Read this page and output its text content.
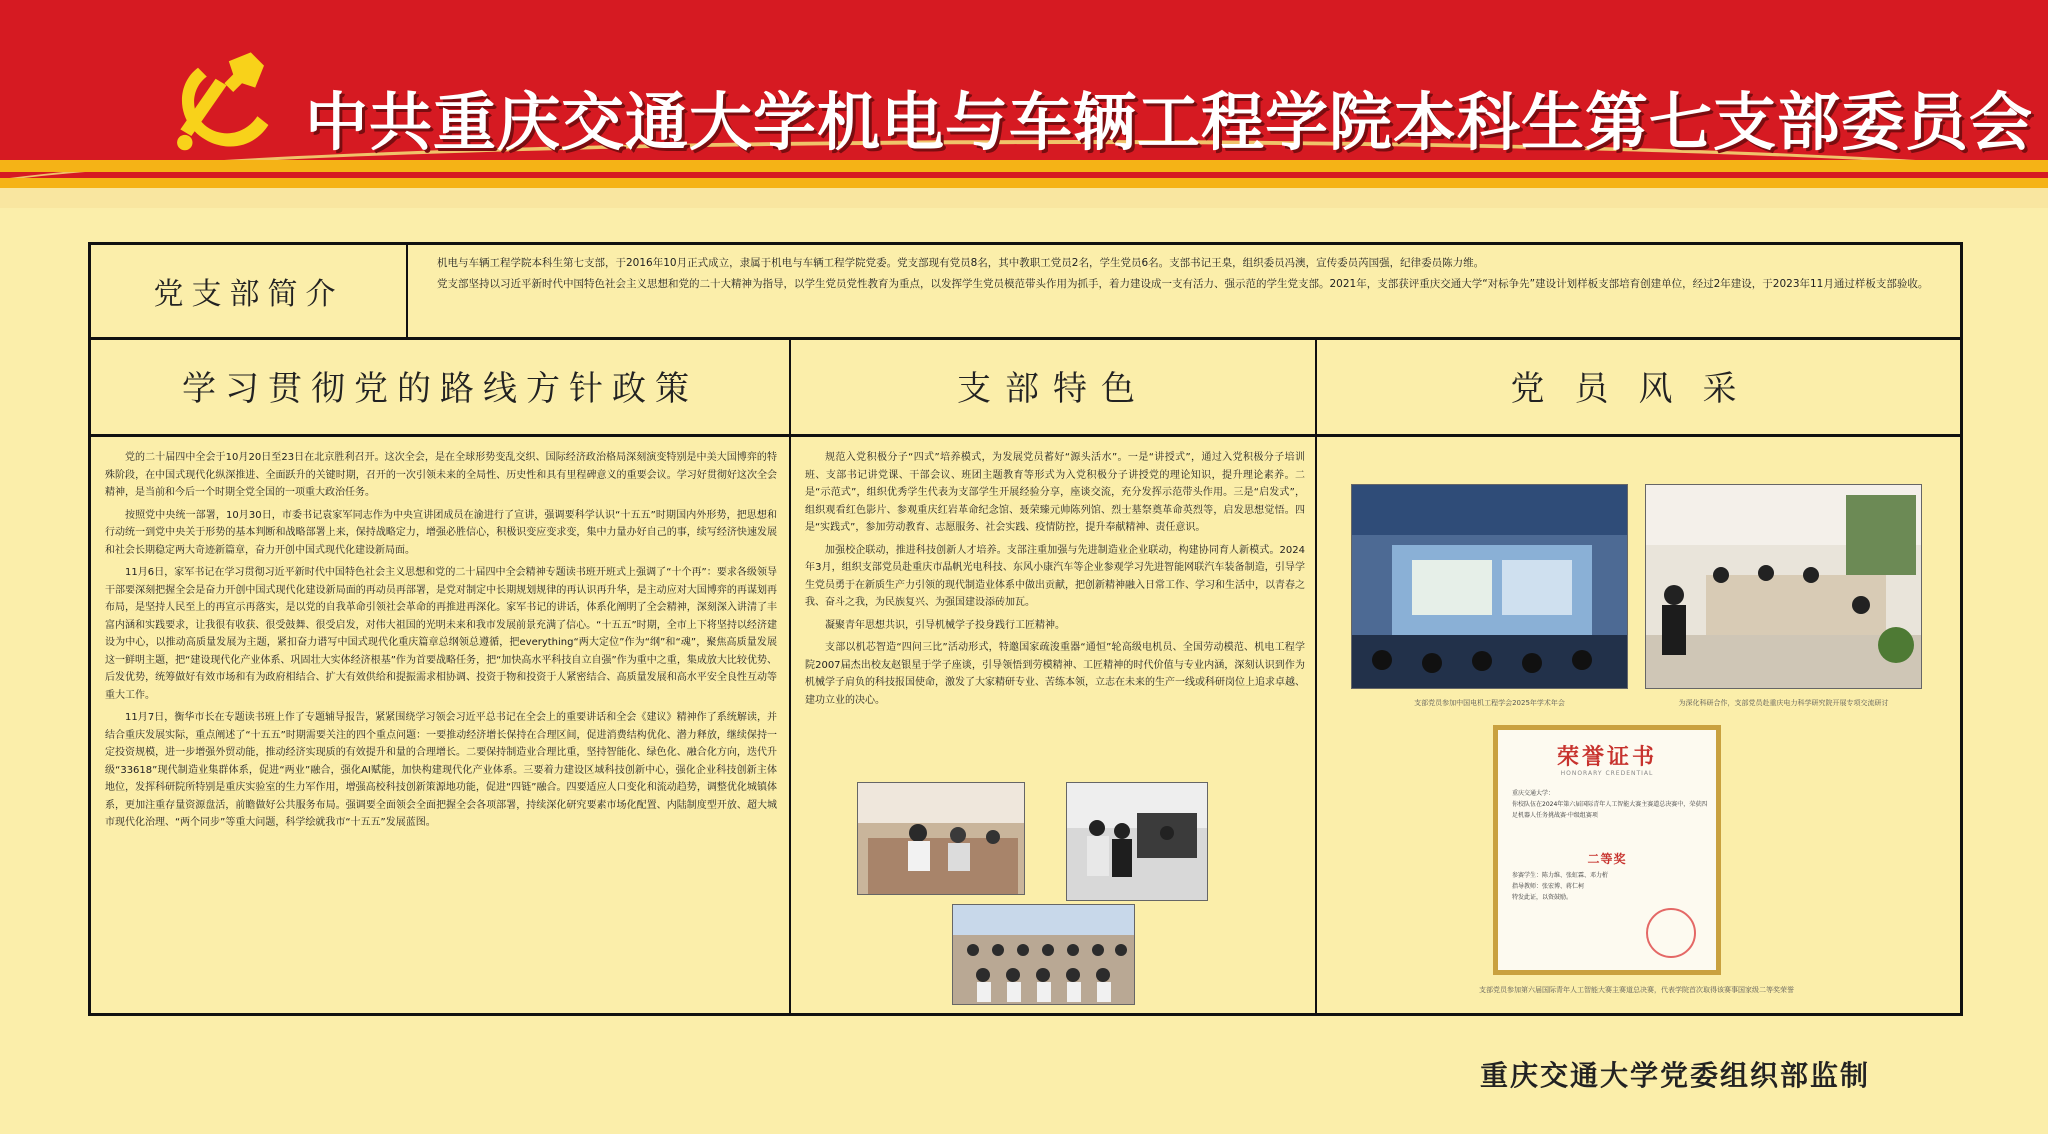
中共重庆交通大学机电与车辆工程学院本科生第七支部委员会
党支部简介

机电与车辆工程学院本科生第七支部，于2016年10月正式成立，隶属于机电与车辆工程学院党委。党支部现有党员8名，其中教职工党员2名，学生党员6名。支部书记王臬，组织委员冯澳，宣传委员芮国强，纪律委员陈力维。

党支部坚持以习近平新时代中国特色社会主义思想和党的二十大精神为指导，以学生党员党性教育为重点，以发挥学生党员模范带头作用为抓手，着力建设成一支有活力、强示范的学生党支部。2021年，支部获评重庆交通大学“对标争先”建设计划样板支部培育创建单位，经过2年建设，于2023年11月通过样板支部验收。

学习贯彻党的路线方针政策

党的二十届四中全会于10月20日至23日在北京胜利召开。这次全会，是在全球形势变乱交织、国际经济政治格局深刻演变特别是中美大国博弈的特殊阶段，在中国式现代化纵深推进、全面跃升的关键时期，召开的一次引领未来的全局性、历史性和具有里程碑意义的重要会议。学习好贯彻好这次全会精神，是当前和今后一个时期全党全国的一项重大政治任务。

按照党中央统一部署，10月30日，市委书记袁家军同志作为中央宣讲团成员在渝进行了宣讲，强调要科学认识“十五五”时期国内外形势，把思想和行动统一到党中央关于形势的基本判断和战略部署上来，保持战略定力，增强必胜信心，积极识变应变求变，集中力量办好自己的事，续写经济快速发展和社会长期稳定两大奇迹新篇章，奋力开创中国式现代化建设新局面。

11月6日，家军书记在学习贯彻习近平新时代中国特色社会主义思想和党的二十届四中全会精神专题读书班开班式上强调了“十个再”：要求各级领导干部要深刻把握全会是奋力开创中国式现代化建设新局面的再动员再部署，是党对制定中长期规划规律的再认识再升华，是主动应对大国博弈的再谋划再布局，是坚持人民至上的再宣示再落实，是以党的自我革命引领社会革命的再推进再深化。家军书记的讲话，体系化阐明了全会精神，深刻深入讲清了丰富内涵和实践要求，让我很有收获、很受鼓舞、很受启发，对伟大祖国的光明未来和我市发展前景充满了信心。“十五五”时期，全市上下将坚持以经济建设为中心，以推动高质量发展为主题，紧扣奋力谱写中国式现代化重庆篇章总纲领总遵循，把everything“两大定位”作为“纲”和“魂”，聚焦高质量发展这一鲜明主题，把“建设现代化产业体系、巩固壮大实体经济根基”作为首要战略任务，把“加快高水平科技自立自强”作为重中之重，集成放大比较优势、后发优势，统筹做好有效市场和有为政府相结合、扩大有效供给和提振需求相协调、投资于物和投资于人紧密结合、高质量发展和高水平安全良性互动等重大工作。

11月7日，衡华市长在专题读书班上作了专题辅导报告，紧紧围绕学习领会习近平总书记在全会上的重要讲话和全会《建议》精神作了系统解读，并结合重庆发展实际，重点阐述了“十五五”时期需要关注的四个重点问题：一要推动经济增长保持在合理区间，促进消费结构优化、潜力释放，继续保持一定投资规模，进一步增强外贸动能，推动经济实现质的有效提升和量的合理增长。二要保持制造业合理比重，坚持智能化、绿色化、融合化方向，迭代升级“33618”现代制造业集群体系，促进“两业”融合，强化AI赋能，加快构建现代化产业体系。三要着力建设区域科技创新中心，强化企业科技创新主体地位，发挥科研院所特别是重庆实验室的生力军作用，增强高校科技创新策源地功能，促进“四链”融合。四要适应人口变化和流动趋势，调整优化城镇体系，更加注重存量资源盘活，前瞻做好公共服务布局。强调要全面领会全面把握全会各项部署，持续深化研究要素市场化配置、内陆制度型开放、超大城市现代化治理、“两个同步”等重大问题，科学绘就我市“十五五”发展蓝图。

支部特色

规范入党积极分子“四式”培养模式，为发展党员蓄好“源头活水”。一是“讲授式”，通过入党积极分子培训班、支部书记讲党课、干部会议、班团主题教育等形式为入党积极分子讲授党的理论知识，提升理论素养。二是“示范式”，组织优秀学生代表为支部学生开展经验分享，座谈交流，充分发挥示范带头作用。三是“启发式”，组织观看红色影片、参观重庆红岩革命纪念馆、聂荣臻元帅陈列馆、烈士墓祭奠革命英烈等，启发思想觉悟。四是“实践式”，参加劳动教育、志愿服务、社会实践、疫情防控，提升奉献精神、责任意识。

加强校企联动，推进科技创新人才培养。支部注重加强与先进制造业企业联动，构建协同育人新模式。2024年3月，组织支部党员赴重庆市晶帆光电科技、东风小康汽车等企业参观学习先进智能网联汽车装备制造，引导学生党员勇于在新质生产力引领的现代制造业体系中做出贡献，把创新精神融入日常工作、学习和生活中，以青春之我、奋斗之我，为民族复兴、为强国建设添砖加瓦。

凝聚青年思想共识，引导机械学子投身践行工匠精神。

支部以机芯智造“四问三比”活动形式，特邀国家疏浚重器“通恒”轮高级电机员、全国劳动模范、机电工程学院2007届杰出校友赵银星于学子座谈，引导领悟到劳模精神、工匠精神的时代价值与专业内涵，深刻认识到作为机械学子肩负的科技报国使命，激发了大家精研专业、苦练本领，立志在未来的生产一线或科研岗位上追求卓越、建功立业的决心。

党员风采
支部党员参加中国电机工程学会2025年学术年会	为深化科研合作，支部党员赴重庆电力科学研究院开展专项交流研讨
荣誉证书
HONORARY CREDENTIAL

重庆交通大学：

你校队伍在2024年第六届国际青年人工智能大赛主赛道总决赛中，荣获四足机器人任务挑战赛·中级组赛项

二等奖

参赛学生：陈力维、张虹霖、邓力桁

指导教师：张宏博、蒋仁柯

特发此证，以资鼓励。

支部党员参加第六届国际青年人工智能大赛主赛道总决赛，代表学院首次取得该赛事国家级二等奖荣誉
重庆交通大学党委组织部监制
